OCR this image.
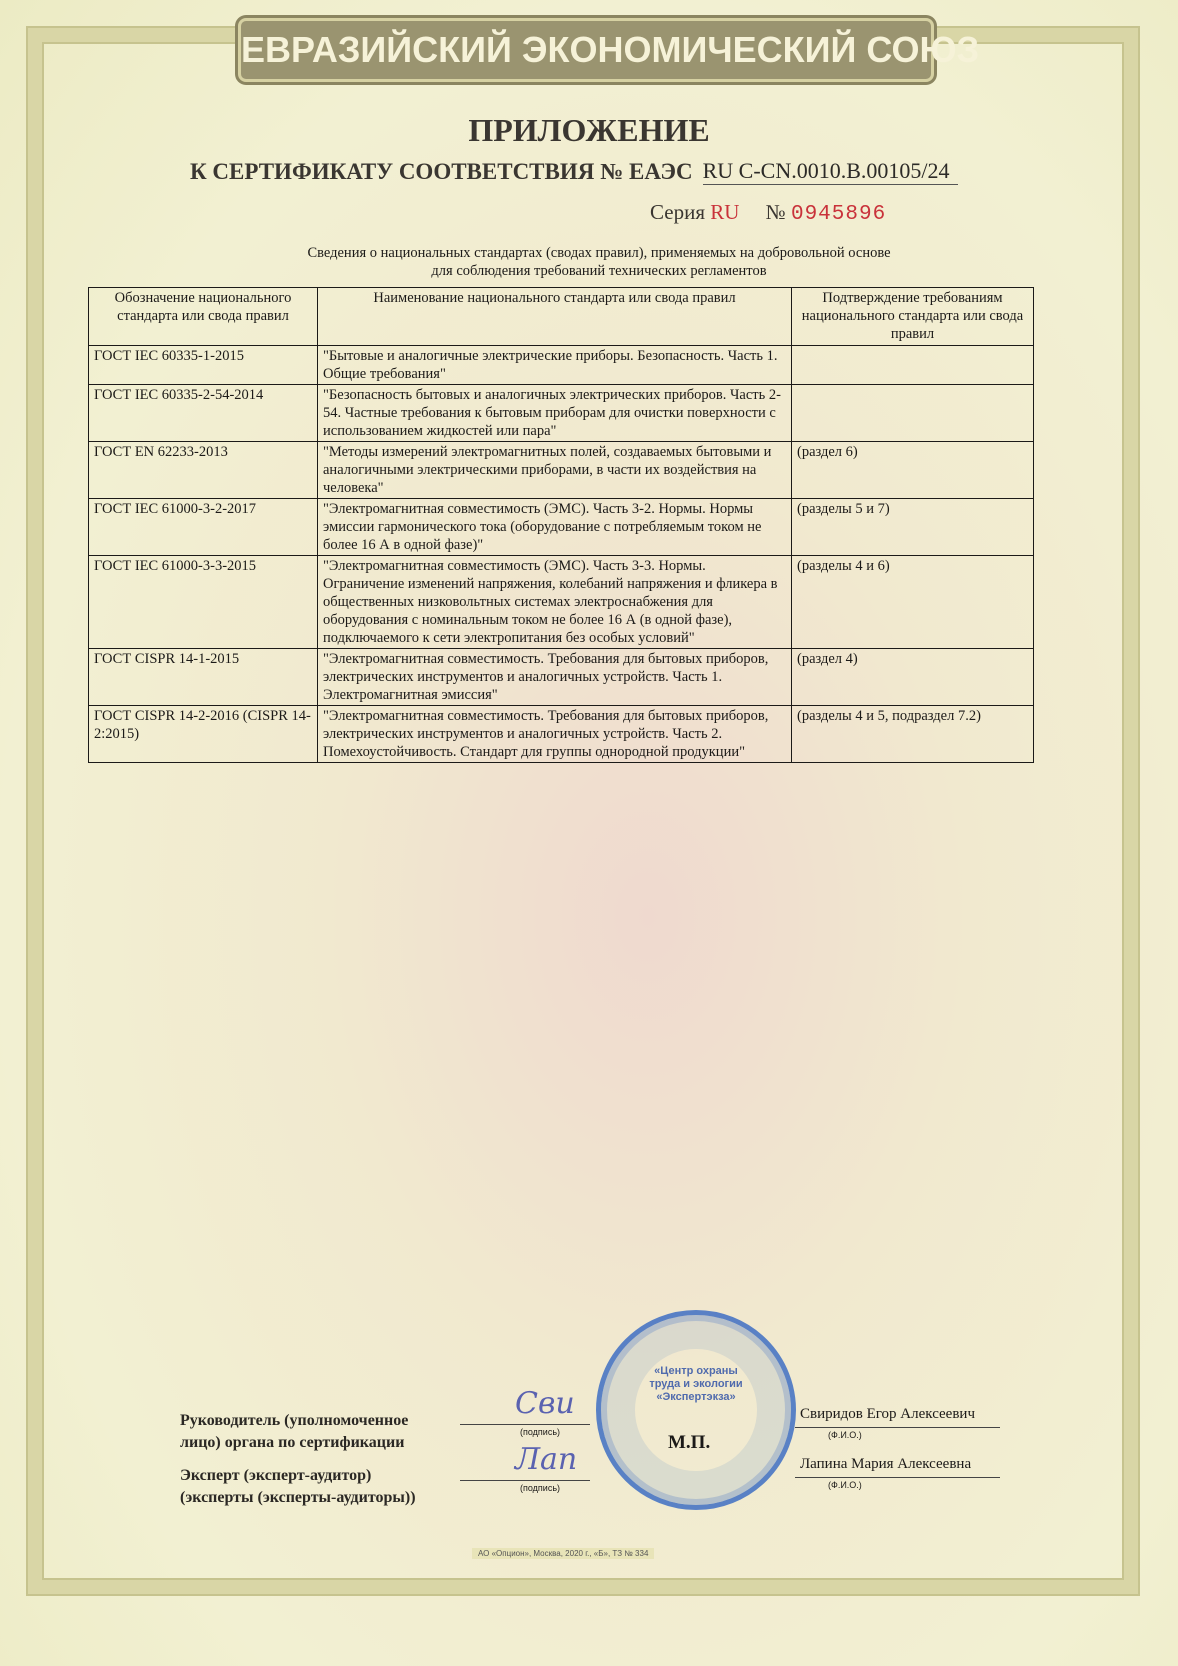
ЕВРАЗИЙСКИЙ ЭКОНОМИЧЕСКИЙ СОЮЗ
ПРИЛОЖЕНИЕ
К СЕРТИФИКАТУ СООТВЕТСТВИЯ № ЕАЭС RU С-CN.0010.В.00105/24
Серия RU № 0945896
Сведения о национальных стандартах (сводах правил), применяемых на добровольной основе
для соблюдения требований технических регламентов
Обозначение национального стандарта или свода правил	Наименование национального стандарта или свода правил	Подтверждение требованиям национального стандарта или свода правил
ГОСТ IEC 60335-1-2015	"Бытовые и аналогичные электрические приборы. Безопасность. Часть 1. Общие требования"	
ГОСТ IEC 60335-2-54-2014	"Безопасность бытовых и аналогичных электрических приборов. Часть 2-54. Частные требования к бытовым приборам для очистки поверхности с использованием жидкостей или пара"	
ГОСТ EN 62233-2013	"Методы измерений электромагнитных полей, создаваемых бытовыми и аналогичными электрическими приборами, в части их воздействия на человека"	(раздел 6)
ГОСТ IEC 61000-3-2-2017	"Электромагнитная совместимость (ЭМС). Часть 3-2. Нормы. Нормы эмиссии гармонического тока (оборудование с потребляемым током не более 16 А в одной фазе)"	(разделы 5 и 7)
ГОСТ IEC 61000-3-3-2015	"Электромагнитная совместимость (ЭМС). Часть 3-3. Нормы. Ограничение изменений напряжения, колебаний напряжения и фликера в общественных низковольтных системах электроснабжения для оборудования с номинальным током не более 16 А (в одной фазе), подключаемого к сети электропитания без особых условий"	(разделы 4 и 6)
ГОСТ CISPR 14-1-2015	"Электромагнитная совместимость. Требования для бытовых приборов, электрических инструментов и аналогичных устройств. Часть 1. Электромагнитная эмиссия"	(раздел 4)
ГОСТ CISPR 14-2-2016 (CISPR 14-2:2015)	"Электромагнитная совместимость. Требования для бытовых приборов, электрических инструментов и аналогичных устройств. Часть 2. Помехоустойчивость. Стандарт для группы однородной продукции"	(разделы 4 и 5, подраздел 7.2)
Руководитель (уполномоченное
лицо) органа по сертификации
Эксперт (эксперт-аудитор)
(эксперты (эксперты-аудиторы))
(подпись)
(подпись)
Сви
Лап
«Центр охраны труда и экологии «Экспертэкза»
М.П.
Свиридов Егор Алексеевич
(Ф.И.О.)
Лапина Мария Алексеевна
(Ф.И.О.)
АО «Опцион», Москва, 2020 г., «Б», ТЗ № 334
